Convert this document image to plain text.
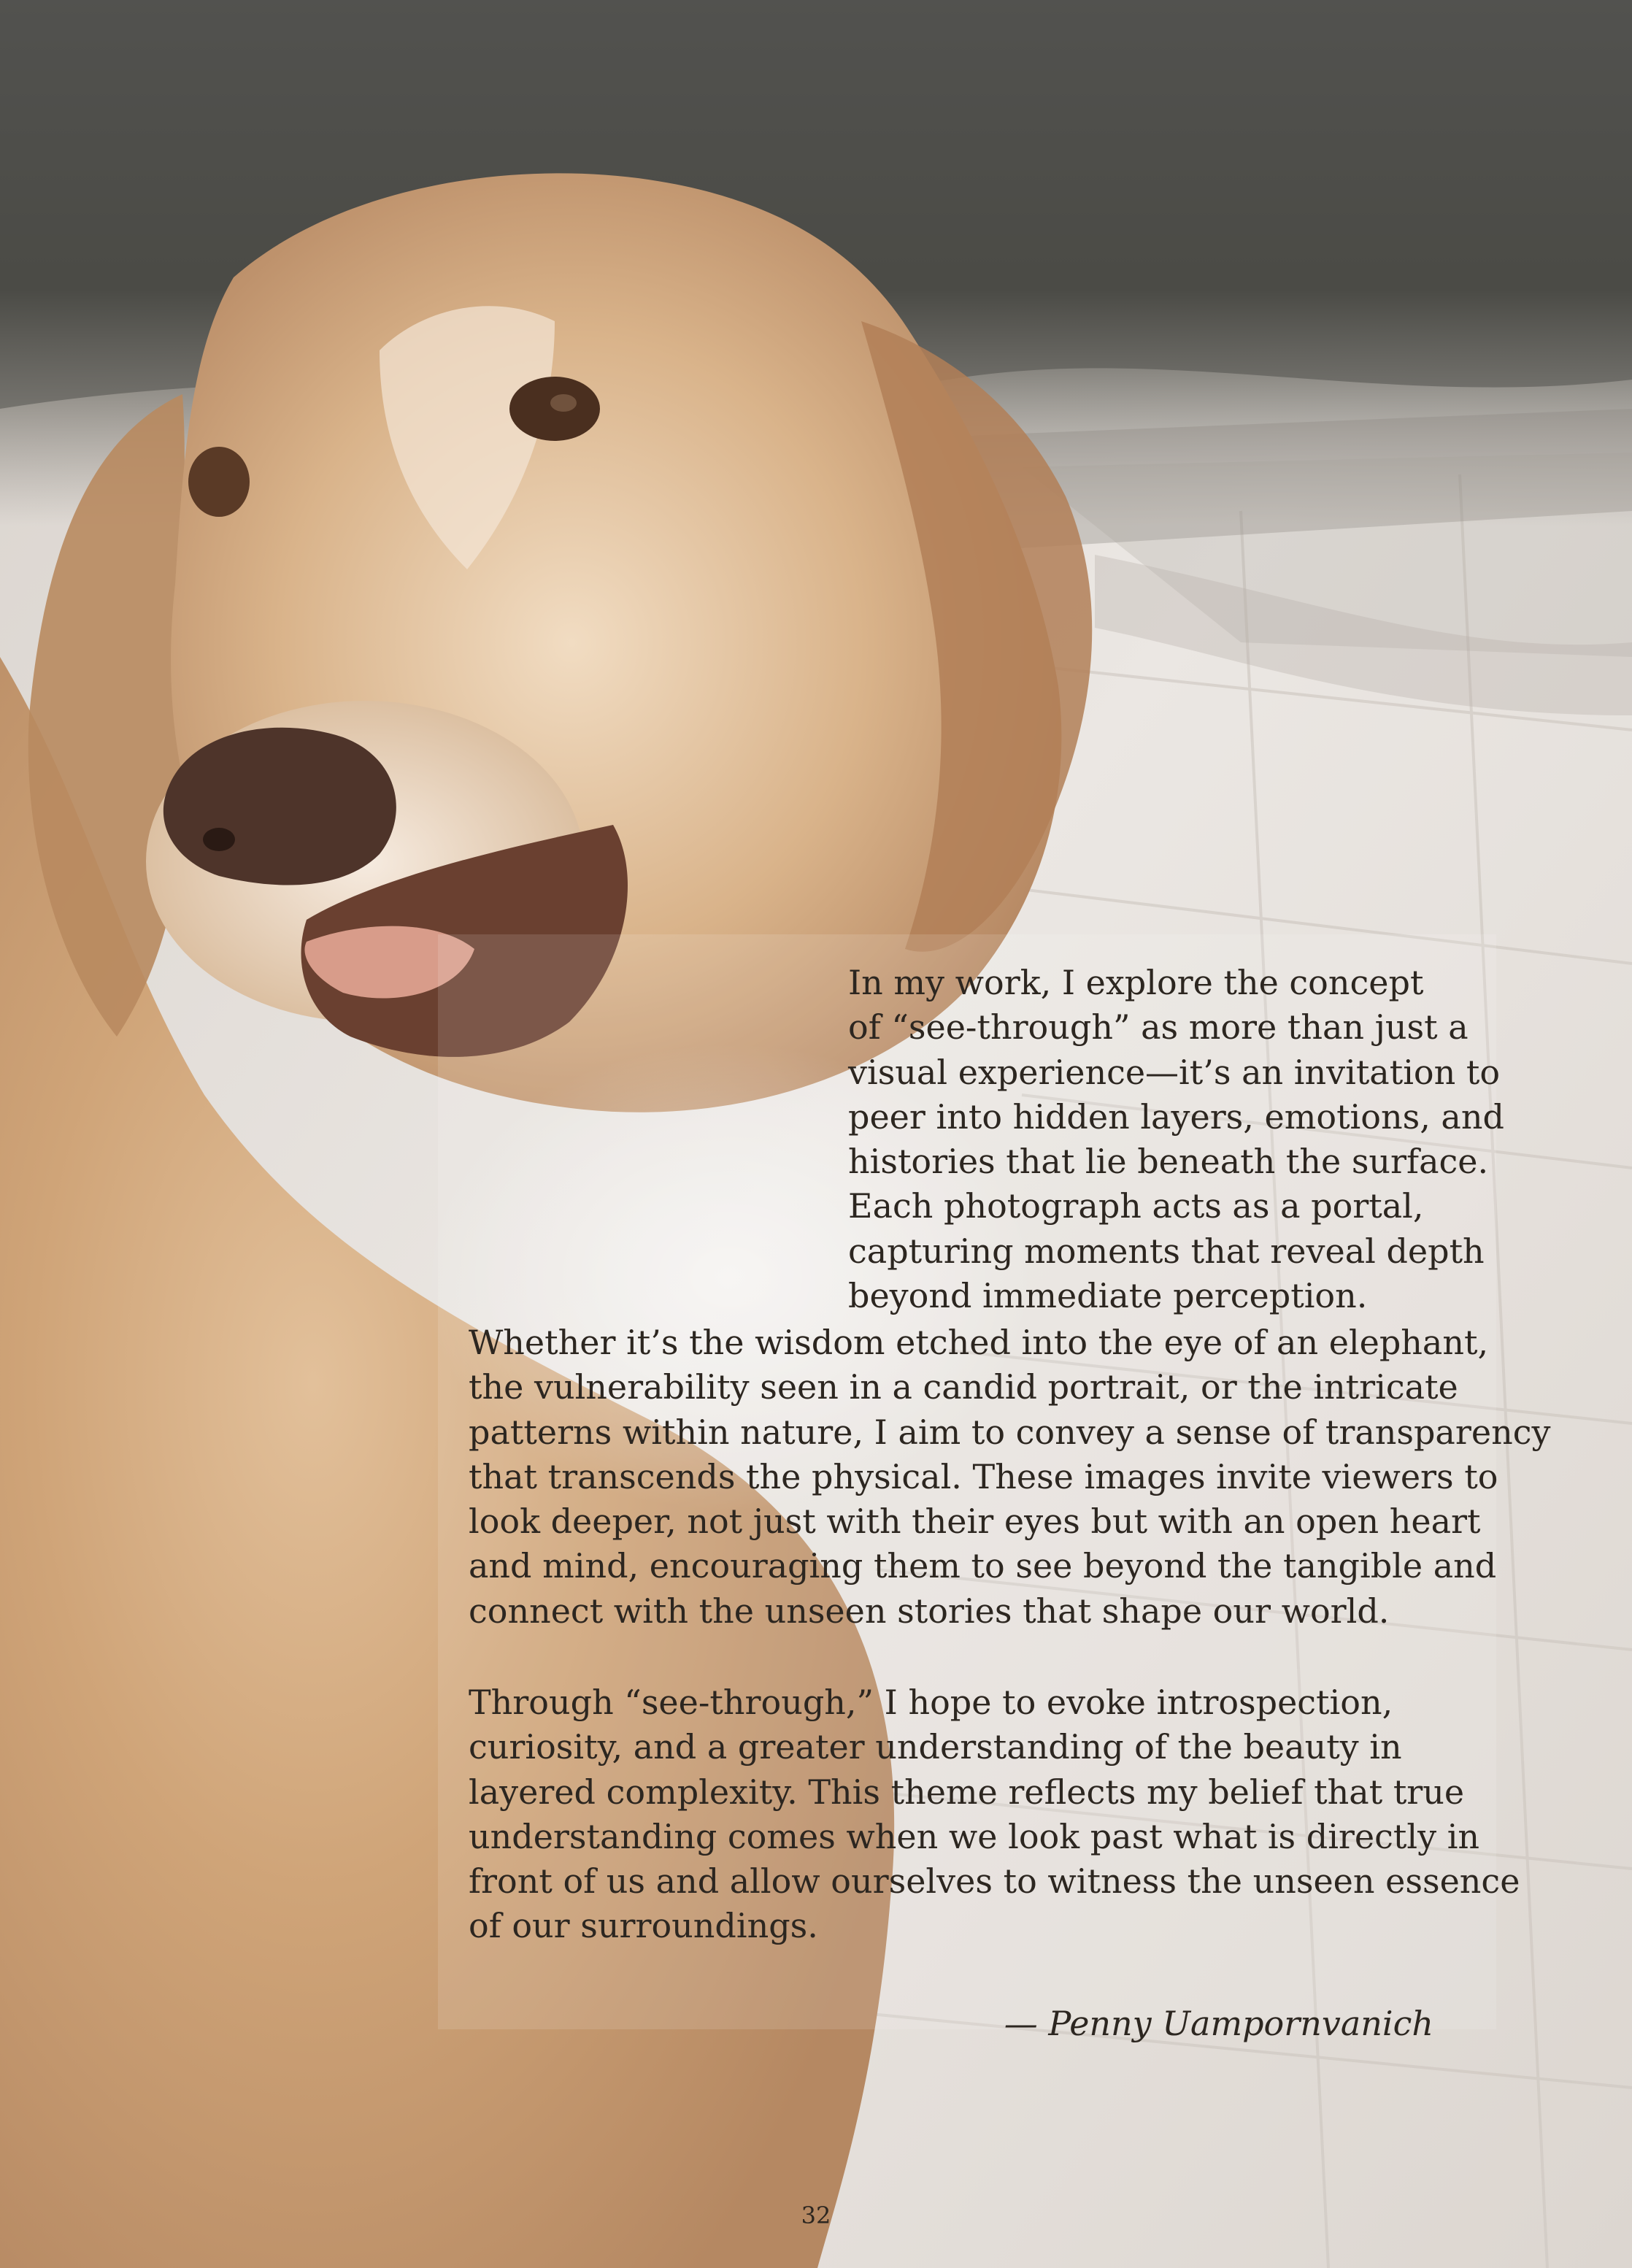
In my work, I explore the concept
of “see-through” as more than just a
visual experience—it’s an invitation to
peer into hidden layers, emotions, and
histories that lie beneath the surface.
Each photograph acts as a portal,
capturing moments that reveal depth
beyond immediate perception.

Whether it’s the wisdom etched into the eye of an elephant,
the vulnerability seen in a candid portrait, or the intricate
patterns within nature, I aim to convey a sense of transparency
that transcends the physical. These images invite viewers to
look deeper, not just with their eyes but with an open heart
and mind, encouraging them to see beyond the tangible and
connect with the unseen stories that shape our world.

Through “see-through,” I hope to evoke introspection,
curiosity, and a greater understanding of the beauty in
layered complexity. This theme reflects my belief that true
understanding comes when we look past what is directly in
front of us and allow ourselves to witness the unseen essence
of our surroundings.

— Penny Uampornvanich

32
